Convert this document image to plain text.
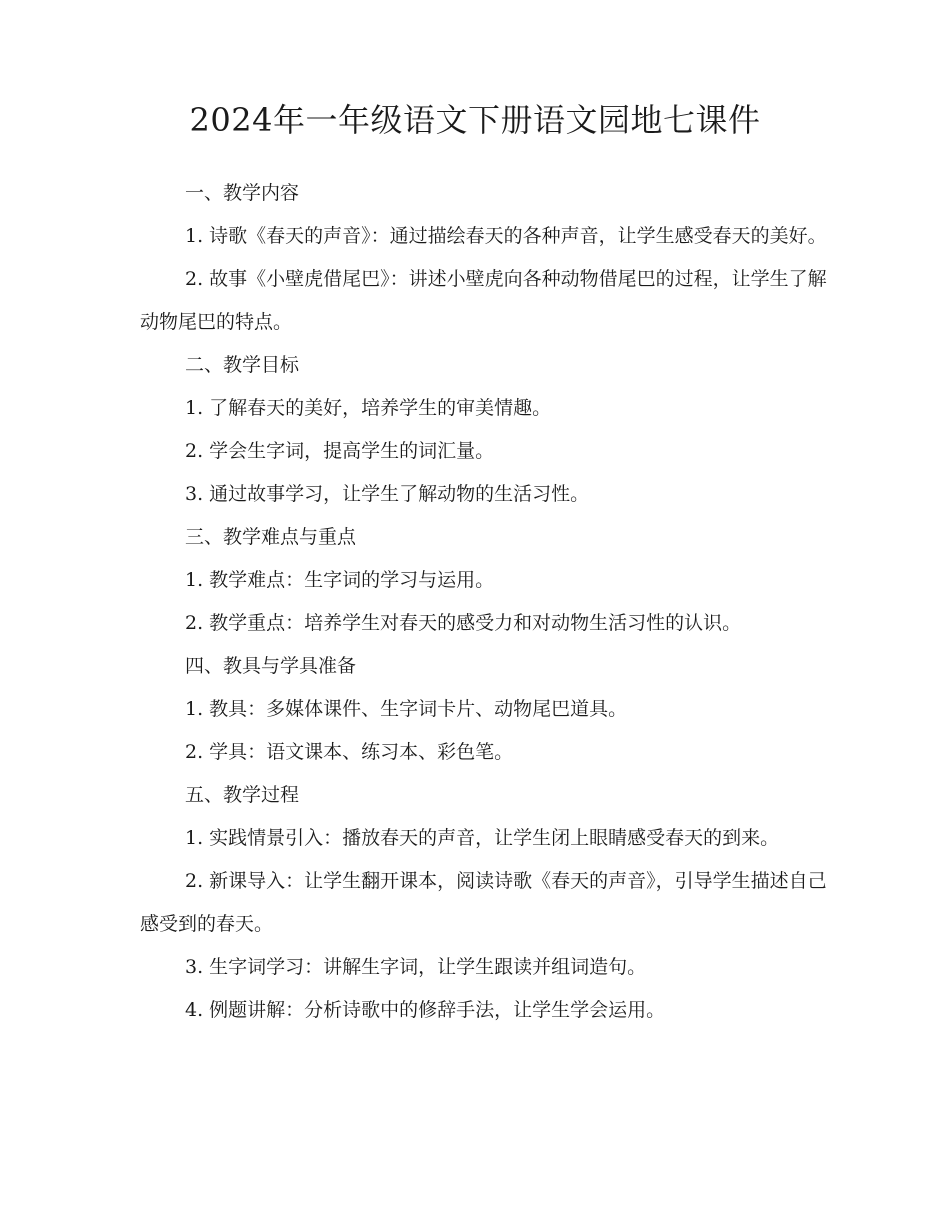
2024年一年级语文下册语文园地七课件

一、教学内容

1. 诗歌《春天的声音》：通过描绘春天的各种声音，让学生感受春天的美好。

2. 故事《小壁虎借尾巴》：讲述小壁虎向各种动物借尾巴的过程，让学生了解动物尾巴的特点。

二、教学目标

1. 了解春天的美好，培养学生的审美情趣。

2. 学会生字词，提高学生的词汇量。

3. 通过故事学习，让学生了解动物的生活习性。

三、教学难点与重点

1. 教学难点：生字词的学习与运用。

2. 教学重点：培养学生对春天的感受力和对动物生活习性的认识。

四、教具与学具准备

1. 教具：多媒体课件、生字词卡片、动物尾巴道具。

2. 学具：语文课本、练习本、彩色笔。

五、教学过程

1. 实践情景引入：播放春天的声音，让学生闭上眼睛感受春天的到来。

2. 新课导入：让学生翻开课本，阅读诗歌《春天的声音》，引导学生描述自己感受到的春天。

3. 生字词学习：讲解生字词，让学生跟读并组词造句。

4. 例题讲解：分析诗歌中的修辞手法，让学生学会运用。
